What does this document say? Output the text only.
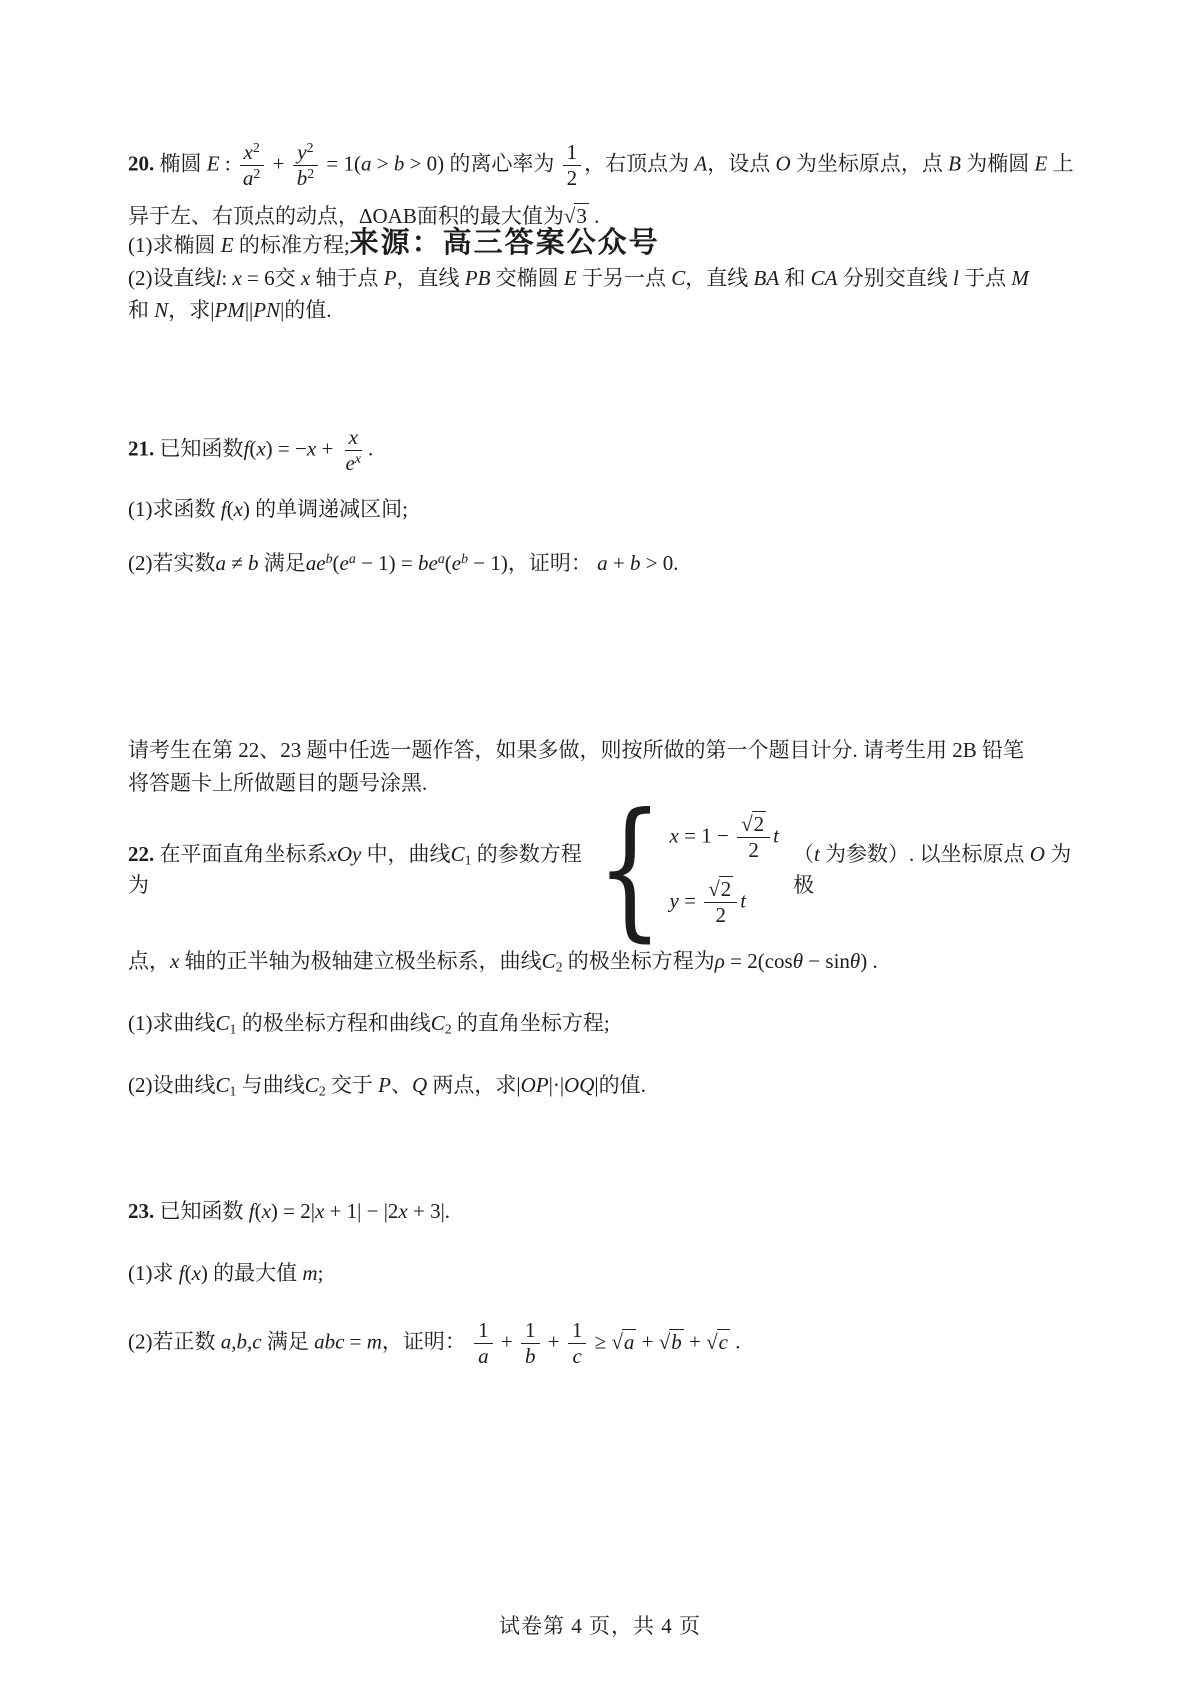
20. 椭圆 E : $\frac{x^2}{a^2} + \frac{y^2}{b^2} = 1(a > b > 0)$ 的离心率为 $\frac{1}{2}$ ，右顶点为 A，设点 O 为坐标原点，点 B 为椭圆 E 上
异于左、右顶点的动点，ΔOAB面积的最大值为√3 .
(1)求椭圆 E 的标准方程;来源：高三答案公众号
(2)设直线l: x = 6交 x 轴于点 P，直线 PB 交椭圆 E 于另一点 C，直线 BA 和 CA 分别交直线 l 于点 M
和 N，求|PM||PN|的值.
21. 已知函数$f(x) = -x + \frac{x}{e^x}$ .
(1)求函数 f(x) 的单调递减区间;
(2)若实数a ≠ b 满足$ae^b(e^a - 1) = be^a(e^b - 1)$，证明： a + b > 0.
请考生在第 22、23 题中任选一题作答，如果多做，则按所做的第一个题目计分. 请考生用 2B 铅笔
将答题卡上所做题目的题号涂黑.
22. 在平面直角坐标系xOy 中，曲线C1 的参数方程为	{ $x = 1 - \frac{√2}{2}$ t
$y = \frac{√2}{2}$ t
（t 为参数）. 以坐标原点 O 为极
点，x 轴的正半轴为极轴建立极坐标系，曲线C2 的极坐标方程为ρ = 2(cosθ − sinθ) .
(1)求曲线C1 的极坐标方程和曲线C2 的直角坐标方程;
(2)设曲线C1 与曲线C2 交于 P、Q 两点，求|OP|·|OQ|的值.
23. 已知函数 f(x) = 2|x + 1| − |2x + 3|.
(1)求 f(x) 的最大值 m;
(2)若正数 a,b,c 满足 abc = m，证明： $\frac{1}{a} + \frac{1}{b} + \frac{1}{c} \ge √a + √b + √c$ .
试卷第 4 页，共 4 页
